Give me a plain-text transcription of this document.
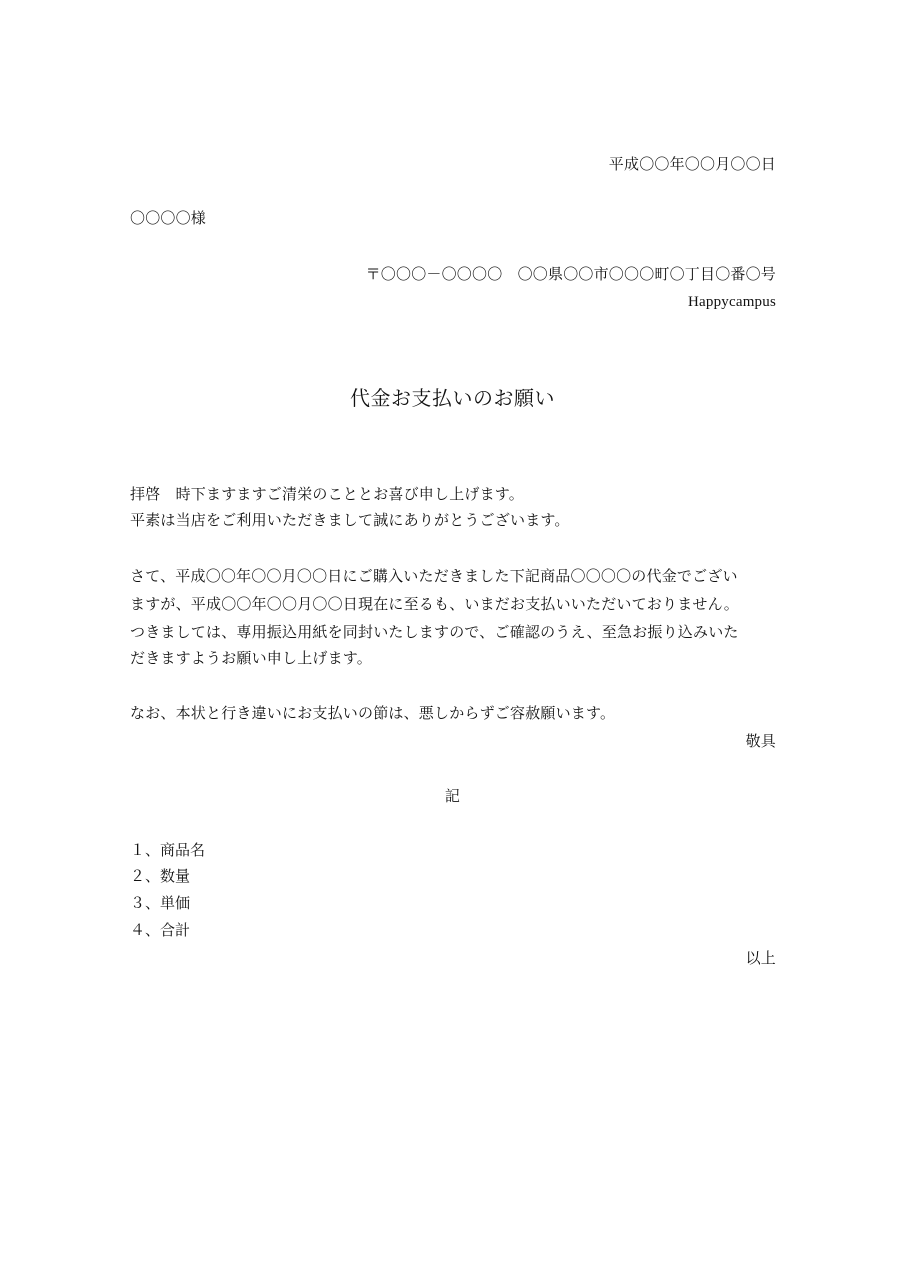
平成〇〇年〇〇月〇〇日
〇〇〇〇様
〒〇〇〇－〇〇〇〇　〇〇県〇〇市〇〇〇町〇丁目〇番〇号
Happycampus
代金お支払いのお願い
拝啓　時下ますますご清栄のこととお喜び申し上げます。
平素は当店をご利用いただきまして誠にありがとうございます。
さて、平成〇〇年〇〇月〇〇日にご購入いただきました下記商品〇〇〇〇の代金でござい
ますが、平成〇〇年〇〇月〇〇日現在に至るも、いまだお支払いいただいておりません。
つきましては、専用振込用紙を同封いたしますので、ご確認のうえ、至急お振り込みいた
だきますようお願い申し上げます。
なお、本状と行き違いにお支払いの節は、悪しからずご容赦願います。
敬具
記
１、商品名
２、数量
３、単価
４、合計
以上
